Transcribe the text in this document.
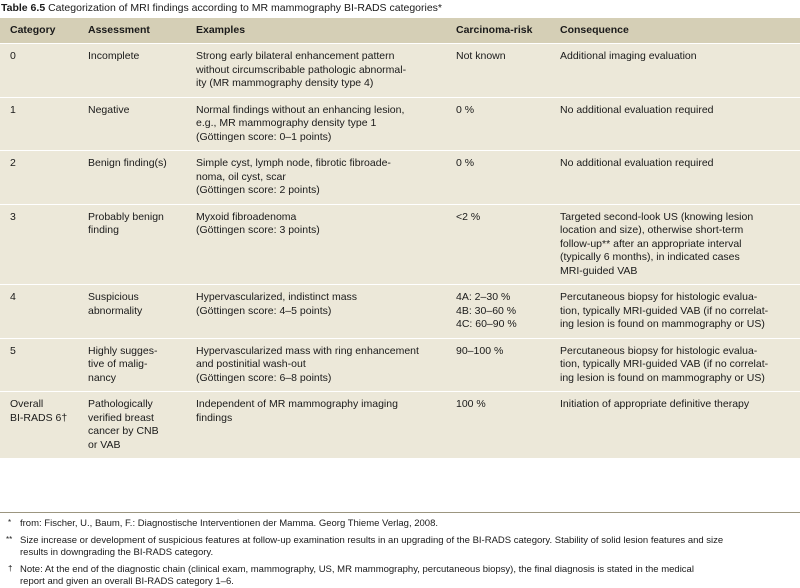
Table 6.5 Categorization of MRI findings according to MR mammography BI-RADS categories*
Category	Assessment	Examples	Carcinoma-risk	Consequence

0	Incomplete	Strong early bilateral enhancement pattern
without circumscribable pathologic abnormal-
ity (MR mammography density type 4)	Not known	Additional imaging evaluation

1	Negative	Normal findings without an enhancing lesion,
e.g., MR mammography density type 1
(Göttingen score: 0–1 points)	0 %	No additional evaluation required

2	Benign finding(s)	Simple cyst, lymph node, fibrotic fibroade-
noma, oil cyst, scar
(Göttingen score: 2 points)	0 %	No additional evaluation required

3	Probably benign
finding	Myxoid fibroadenoma
(Göttingen score: 3 points)	<2 %	Targeted second-look US (knowing lesion
location and size), otherwise short-term
follow-up** after an appropriate interval
(typically 6 months), in indicated cases
MRI-guided VAB

4	Suspicious
abnormality	Hypervascularized, indistinct mass
(Göttingen score: 4–5 points)	4A: 2–30 %
4B: 30–60 %
4C: 60–90 %	Percutaneous biopsy for histologic evalua-
tion, typically MRI-guided VAB (if no correlat-
ing lesion is found on mammography or US)

5	Highly sugges-
tive of malig-
nancy	Hypervascularized mass with ring enhancement
and postinitial wash-out
(Göttingen score: 6–8 points)	90–100 %	Percutaneous biopsy for histologic evalua-
tion, typically MRI-guided VAB (if no correlat-
ing lesion is found on mammography or US)

Overall
BI-RADS 6†	Pathologically
verified breast
cancer by CNB
or VAB	Independent of MR mammography imaging
findings	100 %	Initiation of appropriate definitive therapy
* from: Fischer, U., Baum, F.: Diagnostische Interventionen der Mamma. Georg Thieme Verlag, 2008.
** Size increase or development of suspicious features at follow-up examination results in an upgrading of the BI-RADS category. Stability of solid lesion features and size
results in downgrading the BI-RADS category.
† Note: At the end of the diagnostic chain (clinical exam, mammography, US, MR mammography, percutaneous biopsy), the final diagnosis is stated in the medical
report and given an overall BI-RADS category 1–6.
